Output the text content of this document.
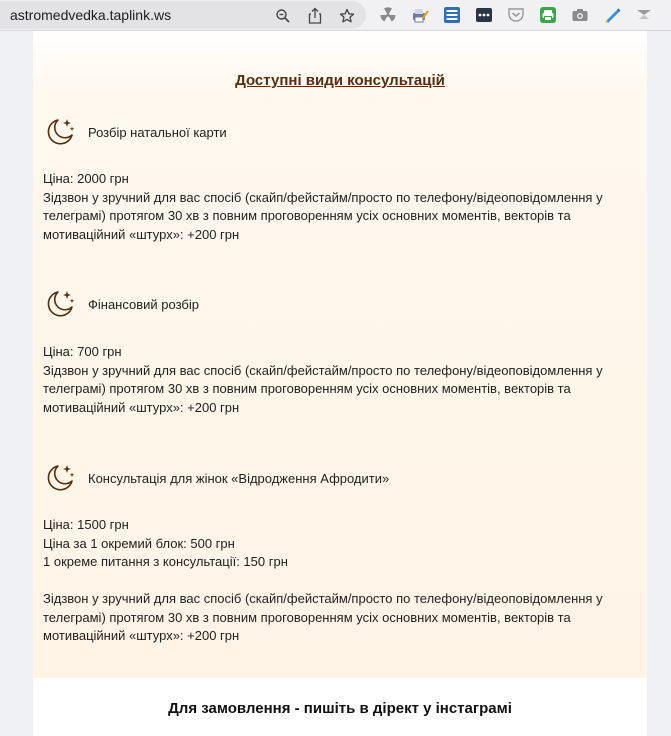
astromedvedka.taplink.ws
Доступні види консультацій
Розбір натальної карти

Ціна: 2000 грн

Зідзвон у зручний для вас спосіб (скайп/фейстайм/просто по телефону/відеоповідомлення у

телеграмі) протягом 30 хв з повним проговоренням усіх основних моментів, векторів та

мотиваційний «штурх»: +200 грн

Фінансовий розбір

Ціна: 700 грн

Зідзвон у зручний для вас спосіб (скайп/фейстайм/просто по телефону/відеоповідомлення у

телеграмі) протягом 30 хв з повним проговоренням усіх основних моментів, векторів та

мотиваційний «штурх»: +200 грн

Консультація для жінок «Відродження Афродити»

Ціна: 1500 грн

Ціна за 1 окремий блок: 500 грн

1 окреме питання з консультації: 150 грн

Зідзвон у зручний для вас спосіб (скайп/фейстайм/просто по телефону/відеоповідомлення у

телеграмі) протягом 30 хв з повним проговоренням усіх основних моментів, векторів та

мотиваційний «штурх»: +200 грн

Для замовлення - пишіть в дірект у інстаграмі
